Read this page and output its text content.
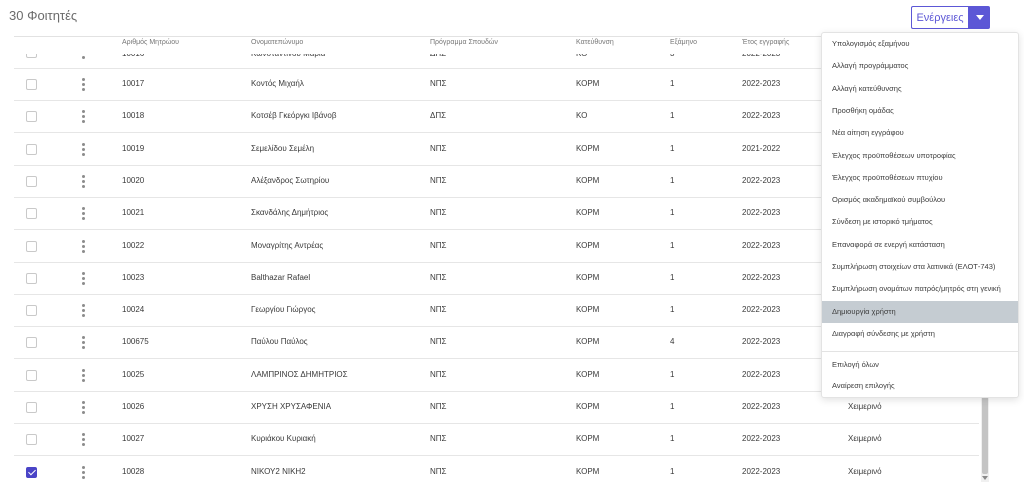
30 Φοιτητές	Ενέργειες
Αριθμός Μητρώου	Ονοματεπώνυμο	Πρόγραμμα Σπουδών	Κατεύθυνση	Εξάμηνο	Έτος εγγραφής
10017	Κοντός Μιχαήλ	ΝΠΣ	ΚΟΡΜ	1	2022-2023
10018	Κοτσέβ Γκεόργκι Ιβάνοβ	ΔΠΣ	ΚΟ	1	2022-2023
10019	Σεμελίδου Σεμέλη	ΝΠΣ	ΚΟΡΜ	1	2021-2022
10020	Αλέξανδρος Σωτηρίου	ΝΠΣ	ΚΟΡΜ	1	2022-2023
10021	Σκανδάλης Δημήτριος	ΝΠΣ	ΚΟΡΜ	1	2022-2023
10022	Μοναγρίτης Αντρέας	ΝΠΣ	ΚΟΡΜ	1	2022-2023
10023	Balthazar Rafael	ΝΠΣ	ΚΟΡΜ	1	2022-2023
10024	Γεωργίου Γιώργος	ΝΠΣ	ΚΟΡΜ	1	2022-2023
100675	Παύλου Παύλος	ΝΠΣ	ΚΟΡΜ	4	2022-2023
10025	ΛΑΜΠΡΙΝΟΣ ΔΗΜΗΤΡΙΟΣ	ΝΠΣ	ΚΟΡΜ	1	2022-2023
10026	ΧΡΥΣΗ ΧΡΥΣΑΦΕΝΙΑ	ΝΠΣ	ΚΟΡΜ	1	2022-2023	Χειμερινό
10027	Κυριάκου Κυριακή	ΝΠΣ	ΚΟΡΜ	1	2022-2023	Χειμερινό
10028	ΝΙΚΟΥ2 ΝΙΚΗ2	ΝΠΣ	ΚΟΡΜ	1	2022-2023	Χειμερινό
Υπολογισμός εξαμήνου
Αλλαγή προγράμματος
Αλλαγή κατεύθυνσης
Προσθήκη ομάδας
Νέα αίτηση εγγράφου
Έλεγχος προϋποθέσεων υποτροφίας
Έλεγχος προϋποθέσεων πτυχίου
Ορισμός ακαδημαϊκού συμβούλου
Σύνδεση με ιστορικό τμήματος
Επαναφορά σε ενεργή κατάσταση
Συμπλήρωση στοιχείων στα λατινικά (ΕΛΟΤ-743)
Συμπλήρωση ονομάτων πατρός/μητρός στη γενική
Δημιουργία χρήστη
Διαγραφή σύνδεσης με χρήστη
Επιλογή όλων
Αναίρεση επιλογής
